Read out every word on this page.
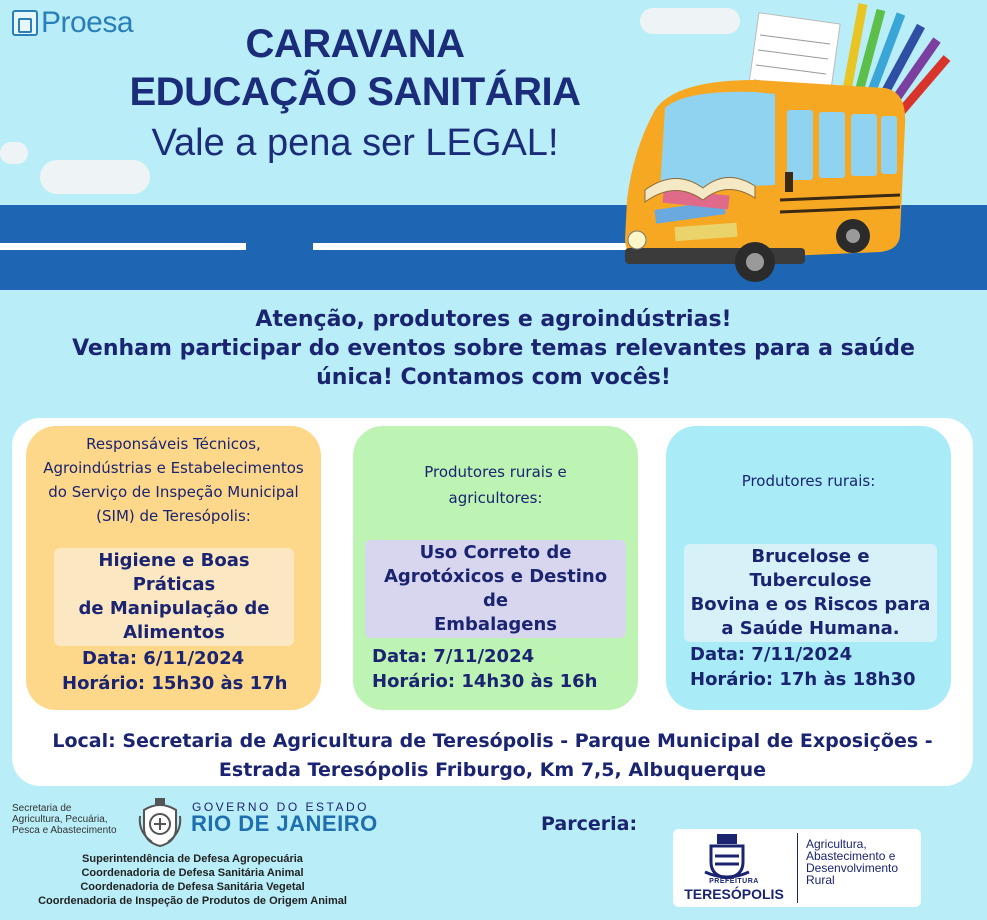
Proesa	CARAVANA
EDUCAÇÃO SANITÁRIA
Vale a pena ser LEGAL!
Atenção, produtores e agroindústrias!
Venham participar do eventos sobre temas relevantes para a saúde
única! Contamos com vocês!
Responsáveis Técnicos,
Agroindústrias e Estabelecimentos
do Serviço de Inspeção Municipal
(SIM) de Teresópolis:
Higiene e Boas Práticas
de Manipulação de
Alimentos
Data: 6/11/2024
Horário: 15h30 às 17h
Produtores rurais e
agricultores:
Uso Correto de
Agrotóxicos e Destino de
Embalagens
Data: 7/11/2024
Horário: 14h30 às 16h
Produtores rurais:
Brucelose e Tuberculose
Bovina e os Riscos para
a Saúde Humana.
Data: 7/11/2024
Horário: 17h às 18h30
Local: Secretaria de Agricultura de Teresópolis - Parque Municipal de Exposições -
Estrada Teresópolis Friburgo, Km 7,5, Albuquerque
Secretaria de
Agricultura, Pecuária,
Pesca e Abastecimento
GOVERNO DO ESTADO
RIO DE JANEIRO
Superintendência de Defesa Agropecuária
Coordenadoria de Defesa Sanitária Animal
Coordenadoria de Defesa Sanitária Vegetal
Coordenadoria de Inspeção de Produtos de Origem Animal
Parceria:
PREFEITURA
TERESÓPOLIS
Agricultura,
Abastecimento e
Desenvolvimento
Rural
